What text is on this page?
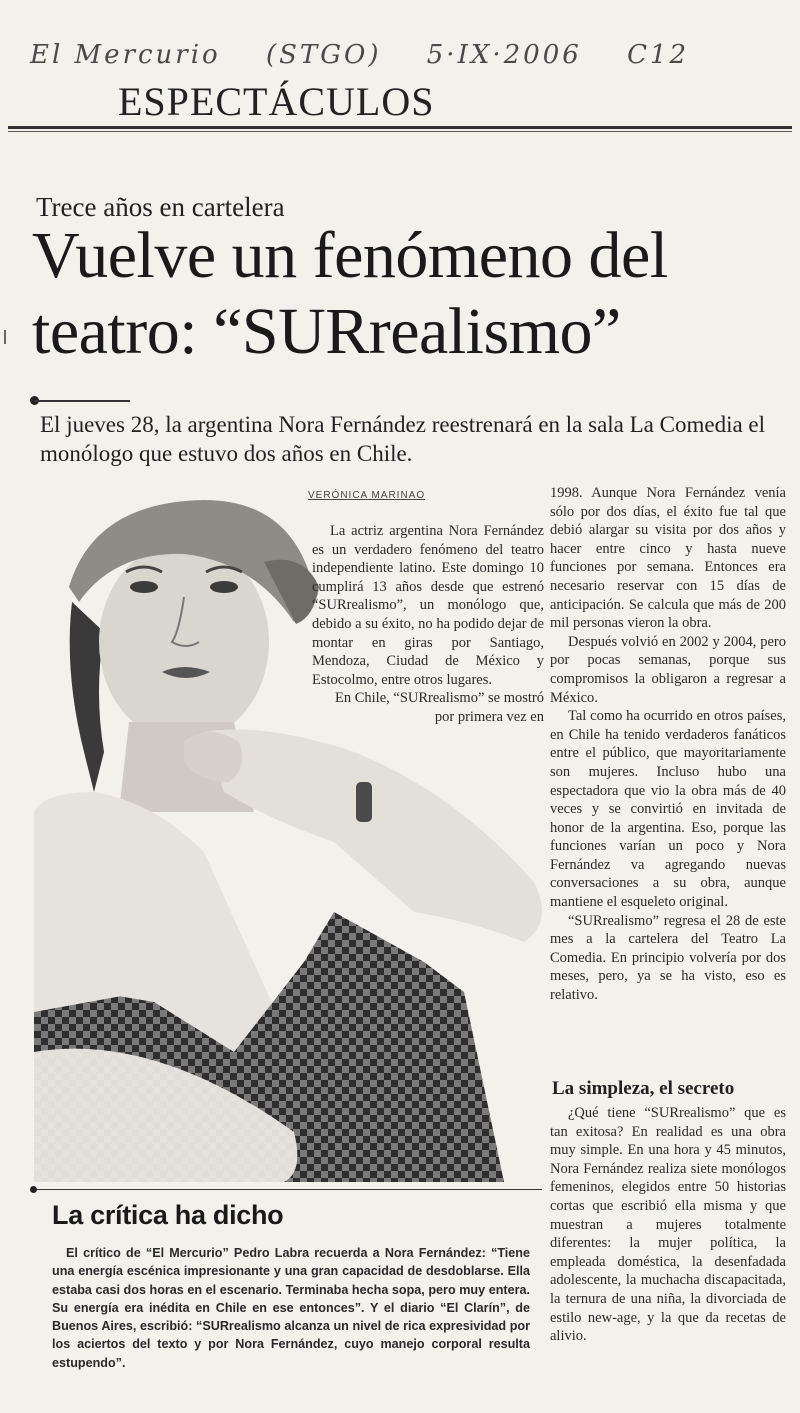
El Mercurio (STGO) 5·IX·2006 C12
ESPECTÁCULOS
Trece años en cartelera
Vuelve un fenómeno del teatro: “SURrealismo”
El jueves 28, la argentina Nora Fernández reestrenará en la sala La Comedia el monólogo que estuvo dos años en Chile.
VERÓNICA MARINAO

La actriz argentina Nora Fernández es un verdadero fenómeno del teatro independiente latino. Este domingo 10 cumplirá 13 años desde que estrenó “SURrealismo”, un monólogo que, debido a su éxito, no ha podido dejar de montar en giras por Santiago, Mendoza, Ciudad de México y Estocolmo, entre otros lugares.

En Chile, “SURrealismo” se mostró por primera vez en

1998. Aunque Nora Fernández venía sólo por dos días, el éxito fue tal que debió alargar su visita por dos años y hacer entre cinco y hasta nueve funciones por semana. Entonces era necesario reservar con 15 días de anticipación. Se calcula que más de 200 mil personas vieron la obra.

Después volvió en 2002 y 2004, pero por pocas semanas, porque sus compromisos la obligaron a regresar a México.

Tal como ha ocurrido en otros países, en Chile ha tenido verdaderos fanáticos entre el público, que mayoritariamente son mujeres. Incluso hubo una espectadora que vio la obra más de 40 veces y se convirtió en invitada de honor de la argentina. Eso, porque las funciones varían un poco y Nora Fernández va agregando nuevas conversaciones a su obra, aunque mantiene el esqueleto original.

“SURrealismo” regresa el 28 de este mes a la cartelera del Teatro La Comedia. En principio volvería por dos meses, pero, ya se ha visto, eso es relativo.

La simpleza, el secreto

¿Qué tiene “SURrealismo” que es tan exitosa? En realidad es una obra muy simple. En una hora y 45 minutos, Nora Fernández realiza siete monólogos femeninos, elegidos entre 50 historias cortas que escribió ella misma y que muestran a mujeres totalmente diferentes: la mujer política, la empleada doméstica, la desenfadada adolescente, la muchacha discapacitada, la ternura de una niña, la divorciada de estilo new-age, y la que da recetas de alivio.

La crítica ha dicho
El crítico de “El Mercurio” Pedro Labra recuerda a Nora Fernández: “Tiene una energía escénica impresionante y una gran capacidad de desdoblarse. Ella estaba casi dos horas en el escenario. Terminaba hecha sopa, pero muy entera. Su energía era inédita en Chile en ese entonces”. Y el diario “El Clarín”, de Buenos Aires, escribió: “SURrealismo alcanza un nivel de rica expresividad por los aciertos del texto y por Nora Fernández, cuyo manejo corporal resulta estupendo”.
